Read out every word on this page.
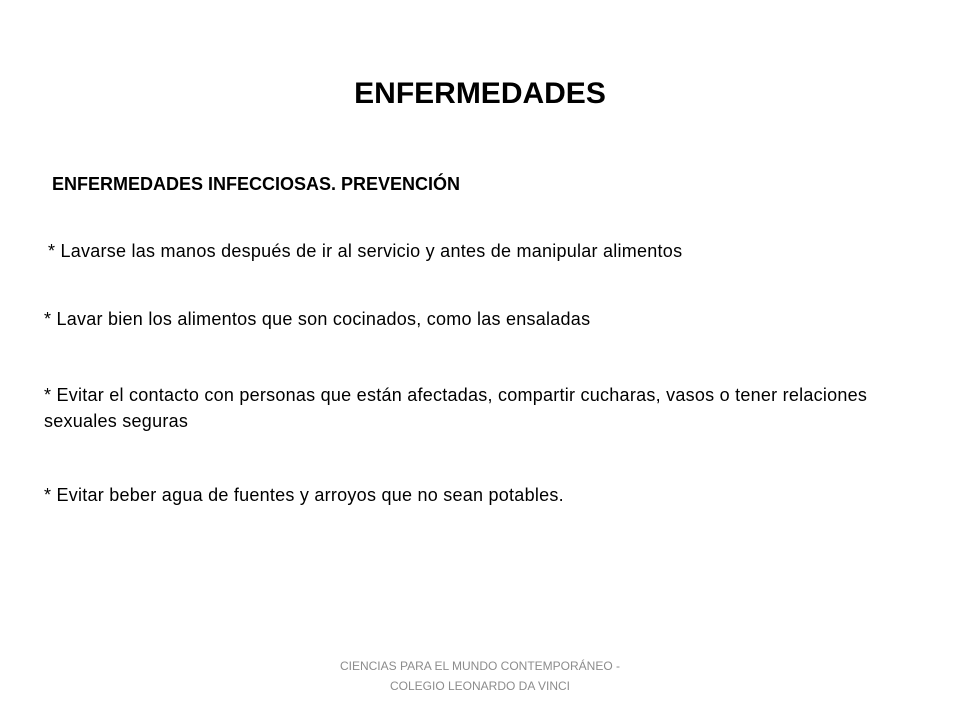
ENFERMEDADES
ENFERMEDADES INFECCIOSAS. PREVENCIÓN
* Lavarse las manos después de ir al servicio y antes de manipular alimentos
* Lavar bien los alimentos que son cocinados, como las ensaladas
* Evitar el contacto con personas que están afectadas, compartir cucharas, vasos o tener relaciones sexuales seguras
* Evitar beber agua de fuentes y arroyos que no sean potables.
CIENCIAS PARA EL MUNDO CONTEMPORÁNEO - COLEGIO LEONARDO DA VINCI
